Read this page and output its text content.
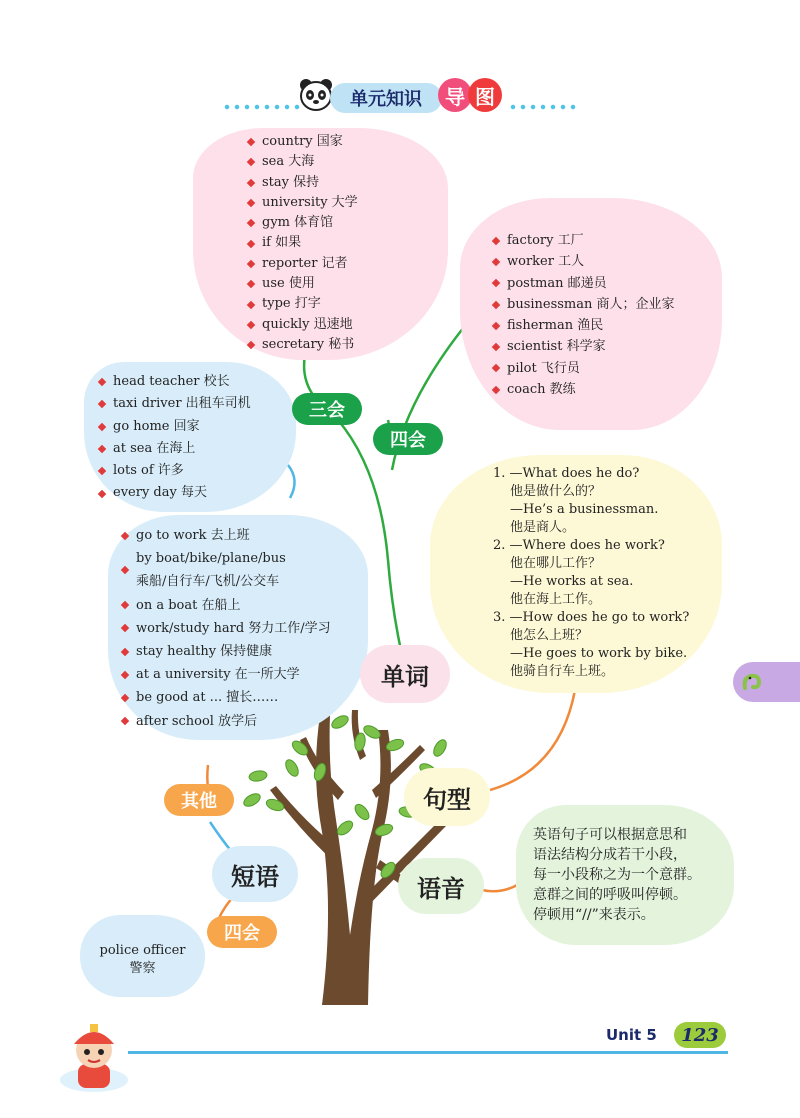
单元知识	导 图
country 国家
sea 大海
stay 保持
university 大学
gym 体育馆
if 如果
reporter 记者
use 使用
type 打字
quickly 迅速地
secretary 秘书
factory 工厂
worker 工人
postman 邮递员
businessman 商人；企业家
fisherman 渔民
scientist 科学家
pilot 飞行员
coach 教练
head teacher 校长
taxi driver 出租车司机
go home 回家
at sea 在海上
lots of 许多
every day 每天
go to work 去上班
by boat/bike/plane/bus
乘船/自行车/飞机/公交车
on a boat 在船上
work/study hard 努力工作/学习
stay healthy 保持健康
at a university 在一所大学
be good at ... 擅长……
after school 放学后
1. —What does he do?
他是做什么的？
—He’s a businessman.
他是商人。
2. —Where does he work?
他在哪儿工作？
—He works at sea.
他在海上工作。
3. —How does he go to work?
他怎么上班？
—He goes to work by bike.
他骑自行车上班。
英语句子可以根据意思和
语法结构分成若干小段，
每一小段称之为一个意群。
意群之间的呼吸叫停顿。
停顿用“//”来表示。
police officer
警察
三会
四会
单词
句型
语音
短语
其他
四会
Unit 5	123
